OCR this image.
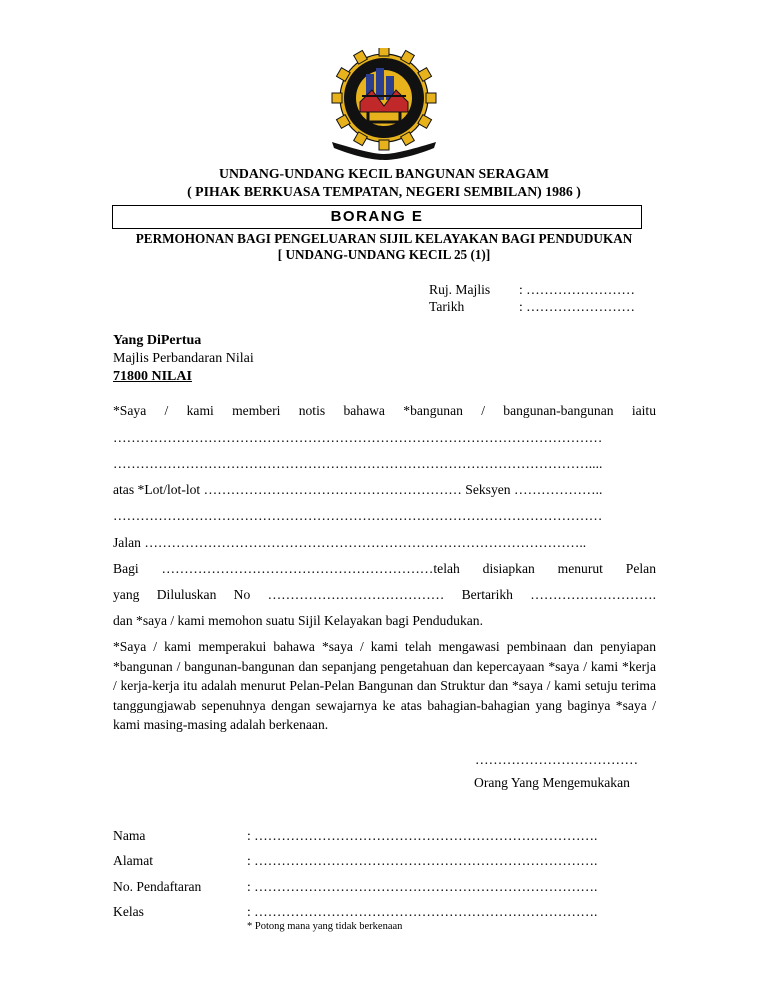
UNDANG-UNDANG KECIL BANGUNAN SERAGAM
( PIHAK BERKUASA TEMPATAN, NEGERI SEMBILAN) 1986 )
BORANG E
PERMOHONAN BAGI PENGELUARAN SIJIL KELAYAKAN BAGI PENDUDUKAN
[ UNDANG-UNDANG KECIL 25 (1)]
Ruj. Majlis : ……………………
Tarikh	: ……………………
Yang DiPertua
Majlis Perbandaran Nilai
71800 NILAI
*Saya / kami memberi notis bahawa *bangunan / bangunan-bangunan iaitu
………………………………………………………………………………………………
……………………………………………………………………………………………....
atas *Lot/lot-lot ………………………………………………… Seksyen ………………..
………………………………………………………………………………………………
Jalan ……………………………………………………………………………………..
Bagi ……………………………………………………telah disiapkan menurut Pelan
yang Diluluskan No ………………………………… Bertarikh ……………………….
dan *saya / kami memohon suatu Sijil Kelayakan bagi Pendudukan.
*Saya / kami memperakui bahawa *saya / kami telah mengawasi pembinaan dan penyiapan *bangunan / bangunan-bangunan dan sepanjang pengetahuan dan kepercayaan *saya / kami *kerja / kerja-kerja itu adalah menurut Pelan-Pelan Bangunan dan Struktur dan *saya / kami setuju terima tanggungjawab sepenuhnya dengan sewajarnya ke atas bahagian-bahagian yang baginya *saya / kami masing-masing adalah berkenaan.
………………………………
Orang Yang Mengemukakan
Nama	: ………………………………………………………………….
Alamat	: ………………………………………………………………….
No. Pendaftaran	: ………………………………………………………………….
Kelas	: ………………………………………………………………….
* Potong mana yang tidak berkenaan
